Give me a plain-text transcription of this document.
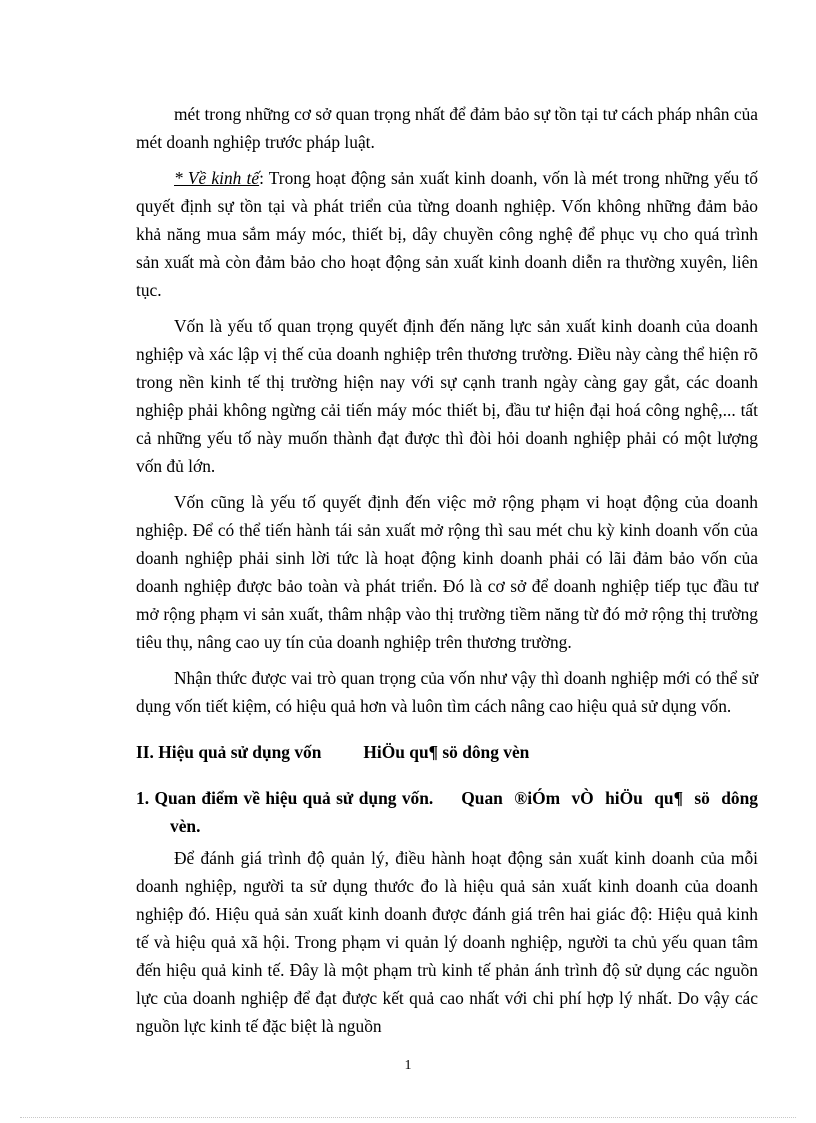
mét trong những cơ sở quan trọng nhất để đảm bảo sự tồn tại tư cách pháp nhân của mét doanh nghiệp trước pháp luật.

* Về kinh tế: Trong hoạt động sản xuất kinh doanh, vốn là mét trong những yếu tố quyết định sự tồn tại và phát triển của từng doanh nghiệp. Vốn không những đảm bảo khả năng mua sắm máy móc, thiết bị, dây chuyền công nghệ để phục vụ cho quá trình sản xuất mà còn đảm bảo cho hoạt động sản xuất kinh doanh diễn ra thường xuyên, liên tục.

Vốn là yếu tố quan trọng quyết định đến năng lực sản xuất kinh doanh của doanh nghiệp và xác lập vị thế của doanh nghiệp trên thương trường. Điều này càng thể hiện rõ trong nền kinh tế thị trường hiện nay với sự cạnh tranh ngày càng gay gắt, các doanh nghiệp phải không ngừng cải tiến máy móc thiết bị, đầu tư hiện đại hoá công nghệ,... tất cả những yếu tố này muốn thành đạt được thì đòi hỏi doanh nghiệp phải có một lượng vốn đủ lớn.

Vốn cũng là yếu tố quyết định đến việc mở rộng phạm vi hoạt động của doanh nghiệp. Để có thể tiến hành tái sản xuất mở rộng thì sau mét chu kỳ kinh doanh vốn của doanh nghiệp phải sinh lời tức là hoạt động kinh doanh phải có lãi đảm bảo vốn của doanh nghiệp được bảo toàn và phát triển. Đó là cơ sở để doanh nghiệp tiếp tục đầu tư mở rộng phạm vi sản xuất, thâm nhập vào thị trường tiềm năng từ đó mở rộng thị trường tiêu thụ, nâng cao uy tín của doanh nghiệp trên thương trường.

Nhận thức được vai trò quan trọng của vốn như vậy thì doanh nghiệp mới có thể sử dụng vốn tiết kiệm, có hiệu quả hơn và luôn tìm cách nâng cao hiệu quả sử dụng vốn.

II. Hiệu quả sử dụng vốn HiÖu qu¶ sö dông vèn
1. Quan điểm về hiệu quả sử dụng vốn. Quan ®iÓm vÒ hiÖu qu¶ sö dông vèn.

Để đánh giá trình độ quản lý, điều hành hoạt động sản xuất kinh doanh của mỗi doanh nghiệp, người ta sử dụng thước đo là hiệu quả sản xuất kinh doanh của doanh nghiệp đó. Hiệu quả sản xuất kinh doanh được đánh giá trên hai giác độ: Hiệu quả kinh tế và hiệu quả xã hội. Trong phạm vi quản lý doanh nghiệp, người ta chủ yếu quan tâm đến hiệu quả kinh tế. Đây là một phạm trù kinh tế phản ánh trình độ sử dụng các nguồn lực của doanh nghiệp để đạt được kết quả cao nhất với chi phí hợp lý nhất. Do vậy các nguồn lực kinh tế đặc biệt là nguồn

1
